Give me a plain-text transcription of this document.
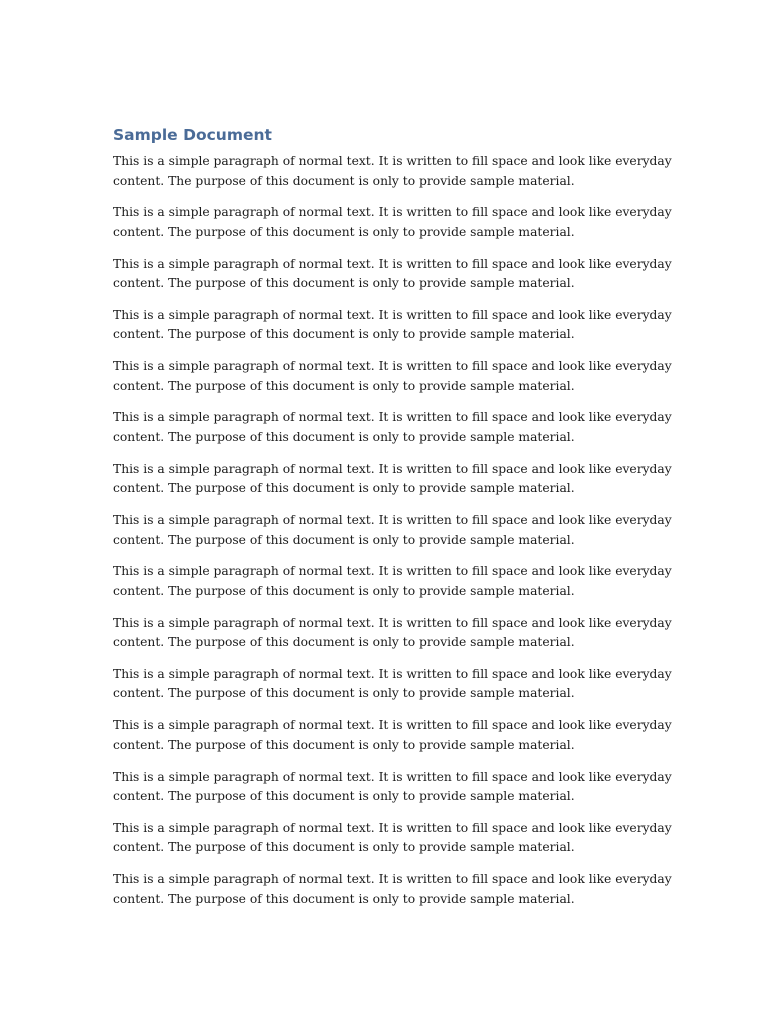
Sample Document

This is a simple paragraph of normal text. It is written to fill space and look like everyday
content. The purpose of this document is only to provide sample material.

This is a simple paragraph of normal text. It is written to fill space and look like everyday
content. The purpose of this document is only to provide sample material.

This is a simple paragraph of normal text. It is written to fill space and look like everyday
content. The purpose of this document is only to provide sample material.

This is a simple paragraph of normal text. It is written to fill space and look like everyday
content. The purpose of this document is only to provide sample material.

This is a simple paragraph of normal text. It is written to fill space and look like everyday
content. The purpose of this document is only to provide sample material.

This is a simple paragraph of normal text. It is written to fill space and look like everyday
content. The purpose of this document is only to provide sample material.

This is a simple paragraph of normal text. It is written to fill space and look like everyday
content. The purpose of this document is only to provide sample material.

This is a simple paragraph of normal text. It is written to fill space and look like everyday
content. The purpose of this document is only to provide sample material.

This is a simple paragraph of normal text. It is written to fill space and look like everyday
content. The purpose of this document is only to provide sample material.

This is a simple paragraph of normal text. It is written to fill space and look like everyday
content. The purpose of this document is only to provide sample material.

This is a simple paragraph of normal text. It is written to fill space and look like everyday
content. The purpose of this document is only to provide sample material.

This is a simple paragraph of normal text. It is written to fill space and look like everyday
content. The purpose of this document is only to provide sample material.

This is a simple paragraph of normal text. It is written to fill space and look like everyday
content. The purpose of this document is only to provide sample material.

This is a simple paragraph of normal text. It is written to fill space and look like everyday
content. The purpose of this document is only to provide sample material.

This is a simple paragraph of normal text. It is written to fill space and look like everyday
content. The purpose of this document is only to provide sample material.
